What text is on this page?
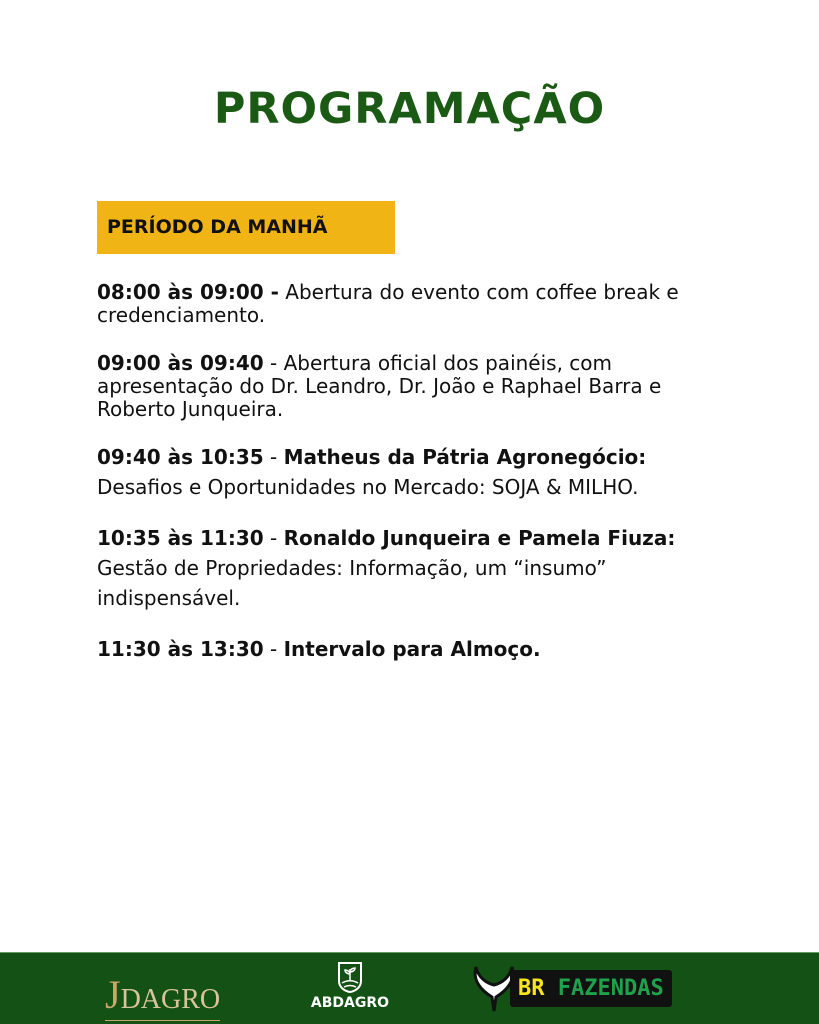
PROGRAMAÇÃO
PERÍODO DA MANHÃ

08:00 às 09:00 - Abertura do evento com coffee break e credenciamento.

09:00 às 09:40 - Abertura oficial dos painéis, com apresentação do Dr. Leandro, Dr. João e Raphael Barra e Roberto Junqueira.

09:40 às 10:35 - Matheus da Pátria Agronegócio: Desafios e Oportunidades no Mercado: SOJA & MILHO.

10:35 às 11:30 - Ronaldo Junqueira e Pamela Fiuza: Gestão de Propriedades: Informação, um “insumo” indispensável.

11:30 às 13:30 - Intervalo para Almoço.

JDAGRO	ABDAGRO
BR FAZENDAS
